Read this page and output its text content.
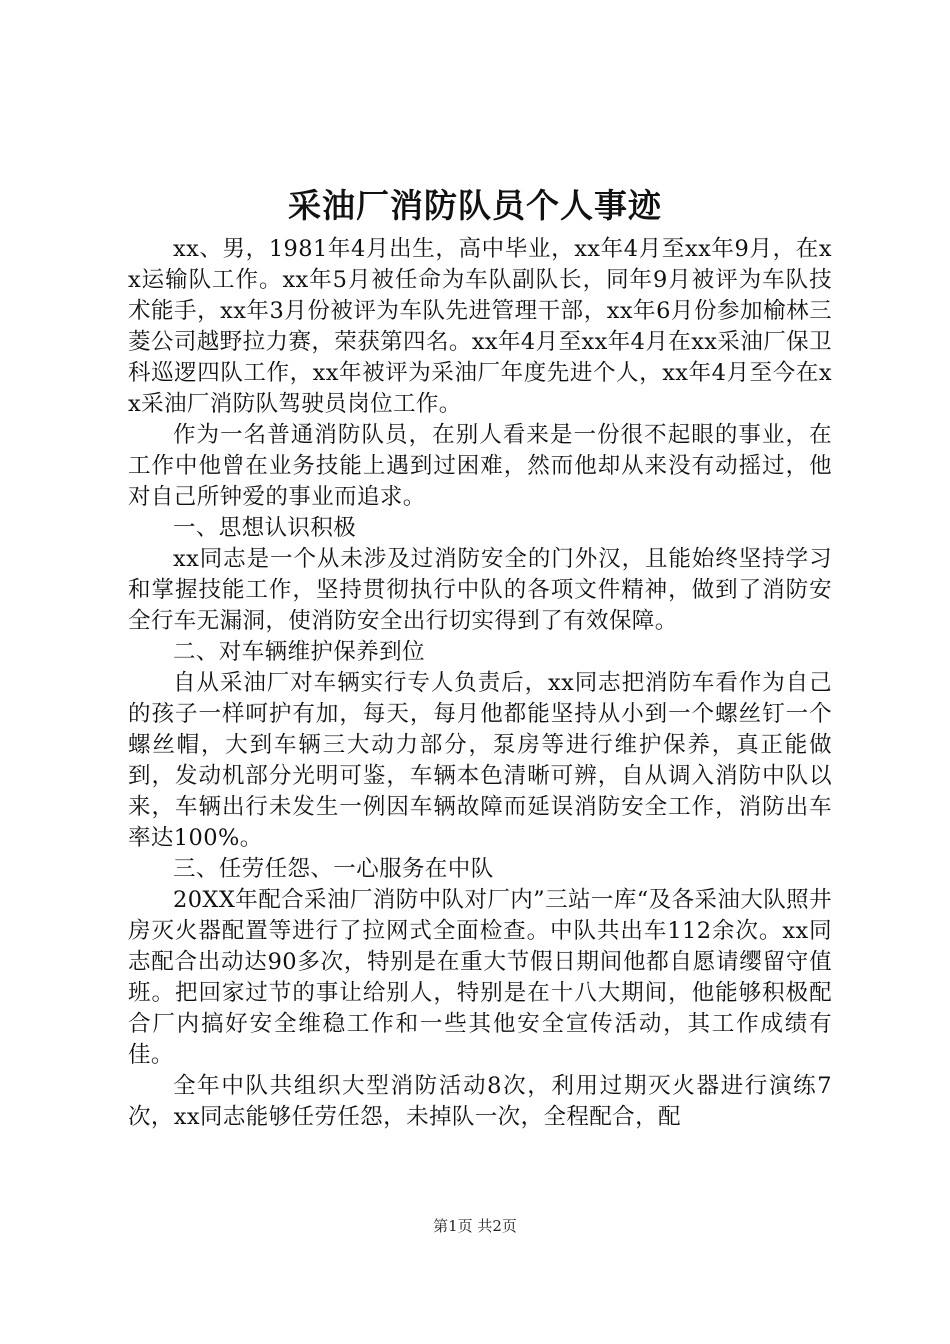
采油厂消防队员个人事迹

xx、男，1981年4月出生，高中毕业，xx年4月至xx年9月，在xx运输队工作。xx年5月被任命为车队副队长，同年9月被评为车队技术能手，xx年3月份被评为车队先进管理干部，xx年6月份参加榆林三菱公司越野拉力赛，荣获第四名。xx年4月至xx年4月在xx采油厂保卫科巡逻四队工作，xx年被评为采油厂年度先进个人，xx年4月至今在xx采油厂消防队驾驶员岗位工作。

作为一名普通消防队员，在别人看来是一份很不起眼的事业，在工作中他曾在业务技能上遇到过困难，然而他却从来没有动摇过，他对自己所钟爱的事业而追求。

一、思想认识积极

xx同志是一个从未涉及过消防安全的门外汉，且能始终坚持学习和掌握技能工作，坚持贯彻执行中队的各项文件精神，做到了消防安全行车无漏洞，使消防安全出行切实得到了有效保障。

二、对车辆维护保养到位

自从采油厂对车辆实行专人负责后，xx同志把消防车看作为自己的孩子一样呵护有加，每天，每月他都能坚持从小到一个螺丝钉一个螺丝帽，大到车辆三大动力部分，泵房等进行维护保养，真正能做到，发动机部分光明可鉴，车辆本色清晰可辨，自从调入消防中队以来，车辆出行未发生一例因车辆故障而延误消防安全工作，消防出车率达100%。

三、任劳任怨、一心服务在中队

20XX年配合采油厂消防中队对厂内”三站一库“及各采油大队照井房灭火器配置等进行了拉网式全面检查。中队共出车112余次。xx同志配合出动达90多次，特别是在重大节假日期间他都自愿请缨留守值班。把回家过节的事让给别人，特别是在十八大期间，他能够积极配合厂内搞好安全维稳工作和一些其他安全宣传活动，其工作成绩有佳。

全年中队共组织大型消防活动8次，利用过期灭火器进行演练7次，xx同志能够任劳任怨，未掉队一次，全程配合，配

第1页 共2页
